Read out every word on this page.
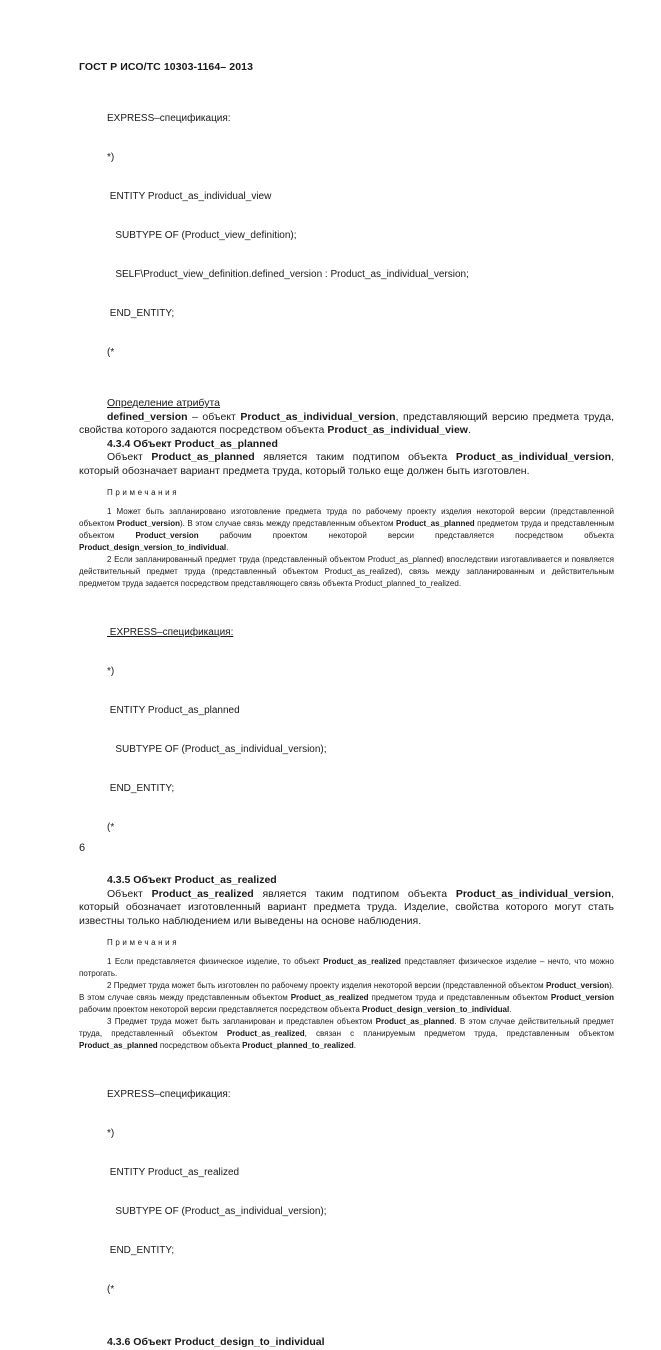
ГОСТ Р ИСО/ТС 10303-1164– 2013

EXPRESS–спецификация:

*)

ENTITY Product_as_individual_view

SUBTYPE OF (Product_view_definition);

SELF\Product_view_definition.defined_version : Product_as_individual_version;

END_ENTITY;

(*

Определение атрибута

defined_version – объект Product_as_individual_version, представляющий версию предмета труда, свойства которого задаются посредством объекта Product_as_individual_view.

4.3.4 Объект Product_as_planned

Объект Product_as_planned является таким подтипом объекта Product_as_individual_version, который обозначает вариант предмета труда, который только еще должен быть изготовлен.

Примечания

1 Может быть запланировано изготовление предмета труда по рабочему проекту изделия некоторой версии (представленной объектом Product_version). В этом случае связь между представленным объектом Product_as_planned предметом труда и представленным объектом Product_version рабочим проектом некоторой версии представляется посредством объекта Product_design_version_to_individual.

2 Если запланированный предмет труда (представленный объектом Product_as_planned) впоследствии изготавливается и появляется действительный предмет труда (представленный объектом Product_as_realized), связь между запланированным и действительным предметом труда задается посредством представляющего связь объекта Product_planned_to_realized.

EXPRESS–спецификация:

*)

ENTITY Product_as_planned

SUBTYPE OF (Product_as_individual_version);

END_ENTITY;

(*

4.3.5 Объект Product_as_realized

Объект Product_as_realized является таким подтипом объекта Product_as_individual_version, который обозначает изготовленный вариант предмета труда. Изделие, свойства которого могут стать известны только наблюдением или выведены на основе наблюдения.

Примечания

1 Если представляется физическое изделие, то объект Product_as_realized представляет физическое изделие – нечто, что можно потрогать.

2 Предмет труда может быть изготовлен по рабочему проекту изделия некоторой версии (представленной объектом Product_version). В этом случае связь между представленным объектом Product_as_realized предметом труда и представленным объектом Product_version рабочим проектом некоторой версии представляется посредством объекта Product_design_version_to_individual.

3 Предмет труда может быть запланирован и представлен объектом Product_as_planned. В этом случае действительный предмет труда, представленный объектом Product_as_realized, связан с планируемым предметом труда, представленным объектом Product_as_planned посредством объекта Product_planned_to_realized.

EXPRESS–спецификация:

*)

ENTITY Product_as_realized

SUBTYPE OF (Product_as_individual_version);

END_ENTITY;

(*

4.3.6 Объект Product_design_to_individual

6
